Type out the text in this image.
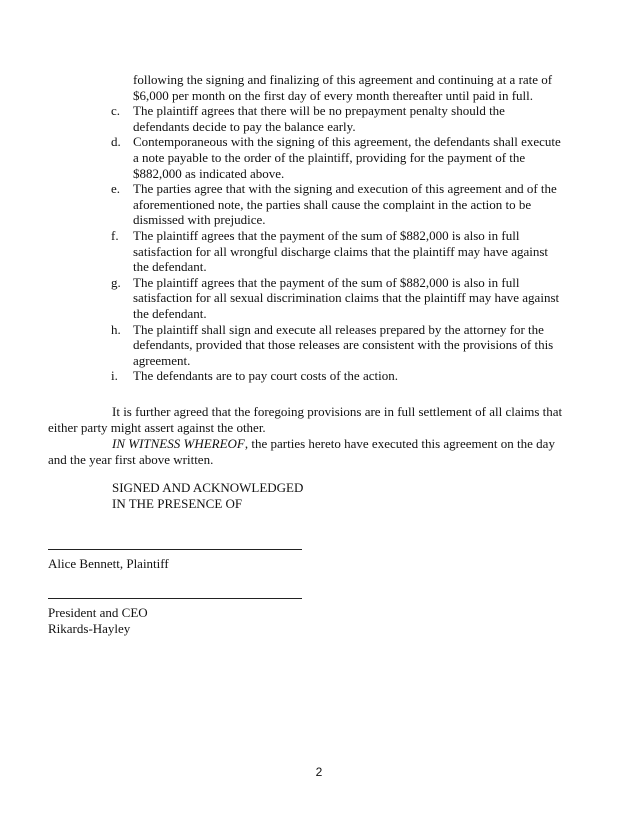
following the signing and finalizing of this agreement and continuing at a rate of $6,000 per month on the first day of every month thereafter until paid in full.
c. The plaintiff agrees that there will be no prepayment penalty should the defendants decide to pay the balance early.
d. Contemporaneous with the signing of this agreement, the defendants shall execute a note payable to the order of the plaintiff, providing for the payment of the $882,000 as indicated above.
e. The parties agree that with the signing and execution of this agreement and of the aforementioned note, the parties shall cause the complaint in the action to be dismissed with prejudice.
f.	The plaintiff agrees that the payment of the sum of $882,000 is also in full satisfaction for all wrongful discharge claims that the plaintiff may have against the defendant.
g. The plaintiff agrees that the payment of the sum of $882,000 is also in full satisfaction for all sexual discrimination claims that the plaintiff may have against the defendant.
h. The plaintiff shall sign and execute all releases prepared by the attorney for the defendants, provided that those releases are consistent with the provisions of this agreement.
i.	The defendants are to pay court costs of the action.
It is further agreed that the foregoing provisions are in full settlement of all claims that either party might assert against the other.
IN WITNESS WHEREOF, the parties hereto have executed this agreement on the day and the year first above written.
SIGNED AND ACKNOWLEDGED
IN THE PRESENCE OF
Alice Bennett, Plaintiff
President and CEO
Rikards-Hayley
2
